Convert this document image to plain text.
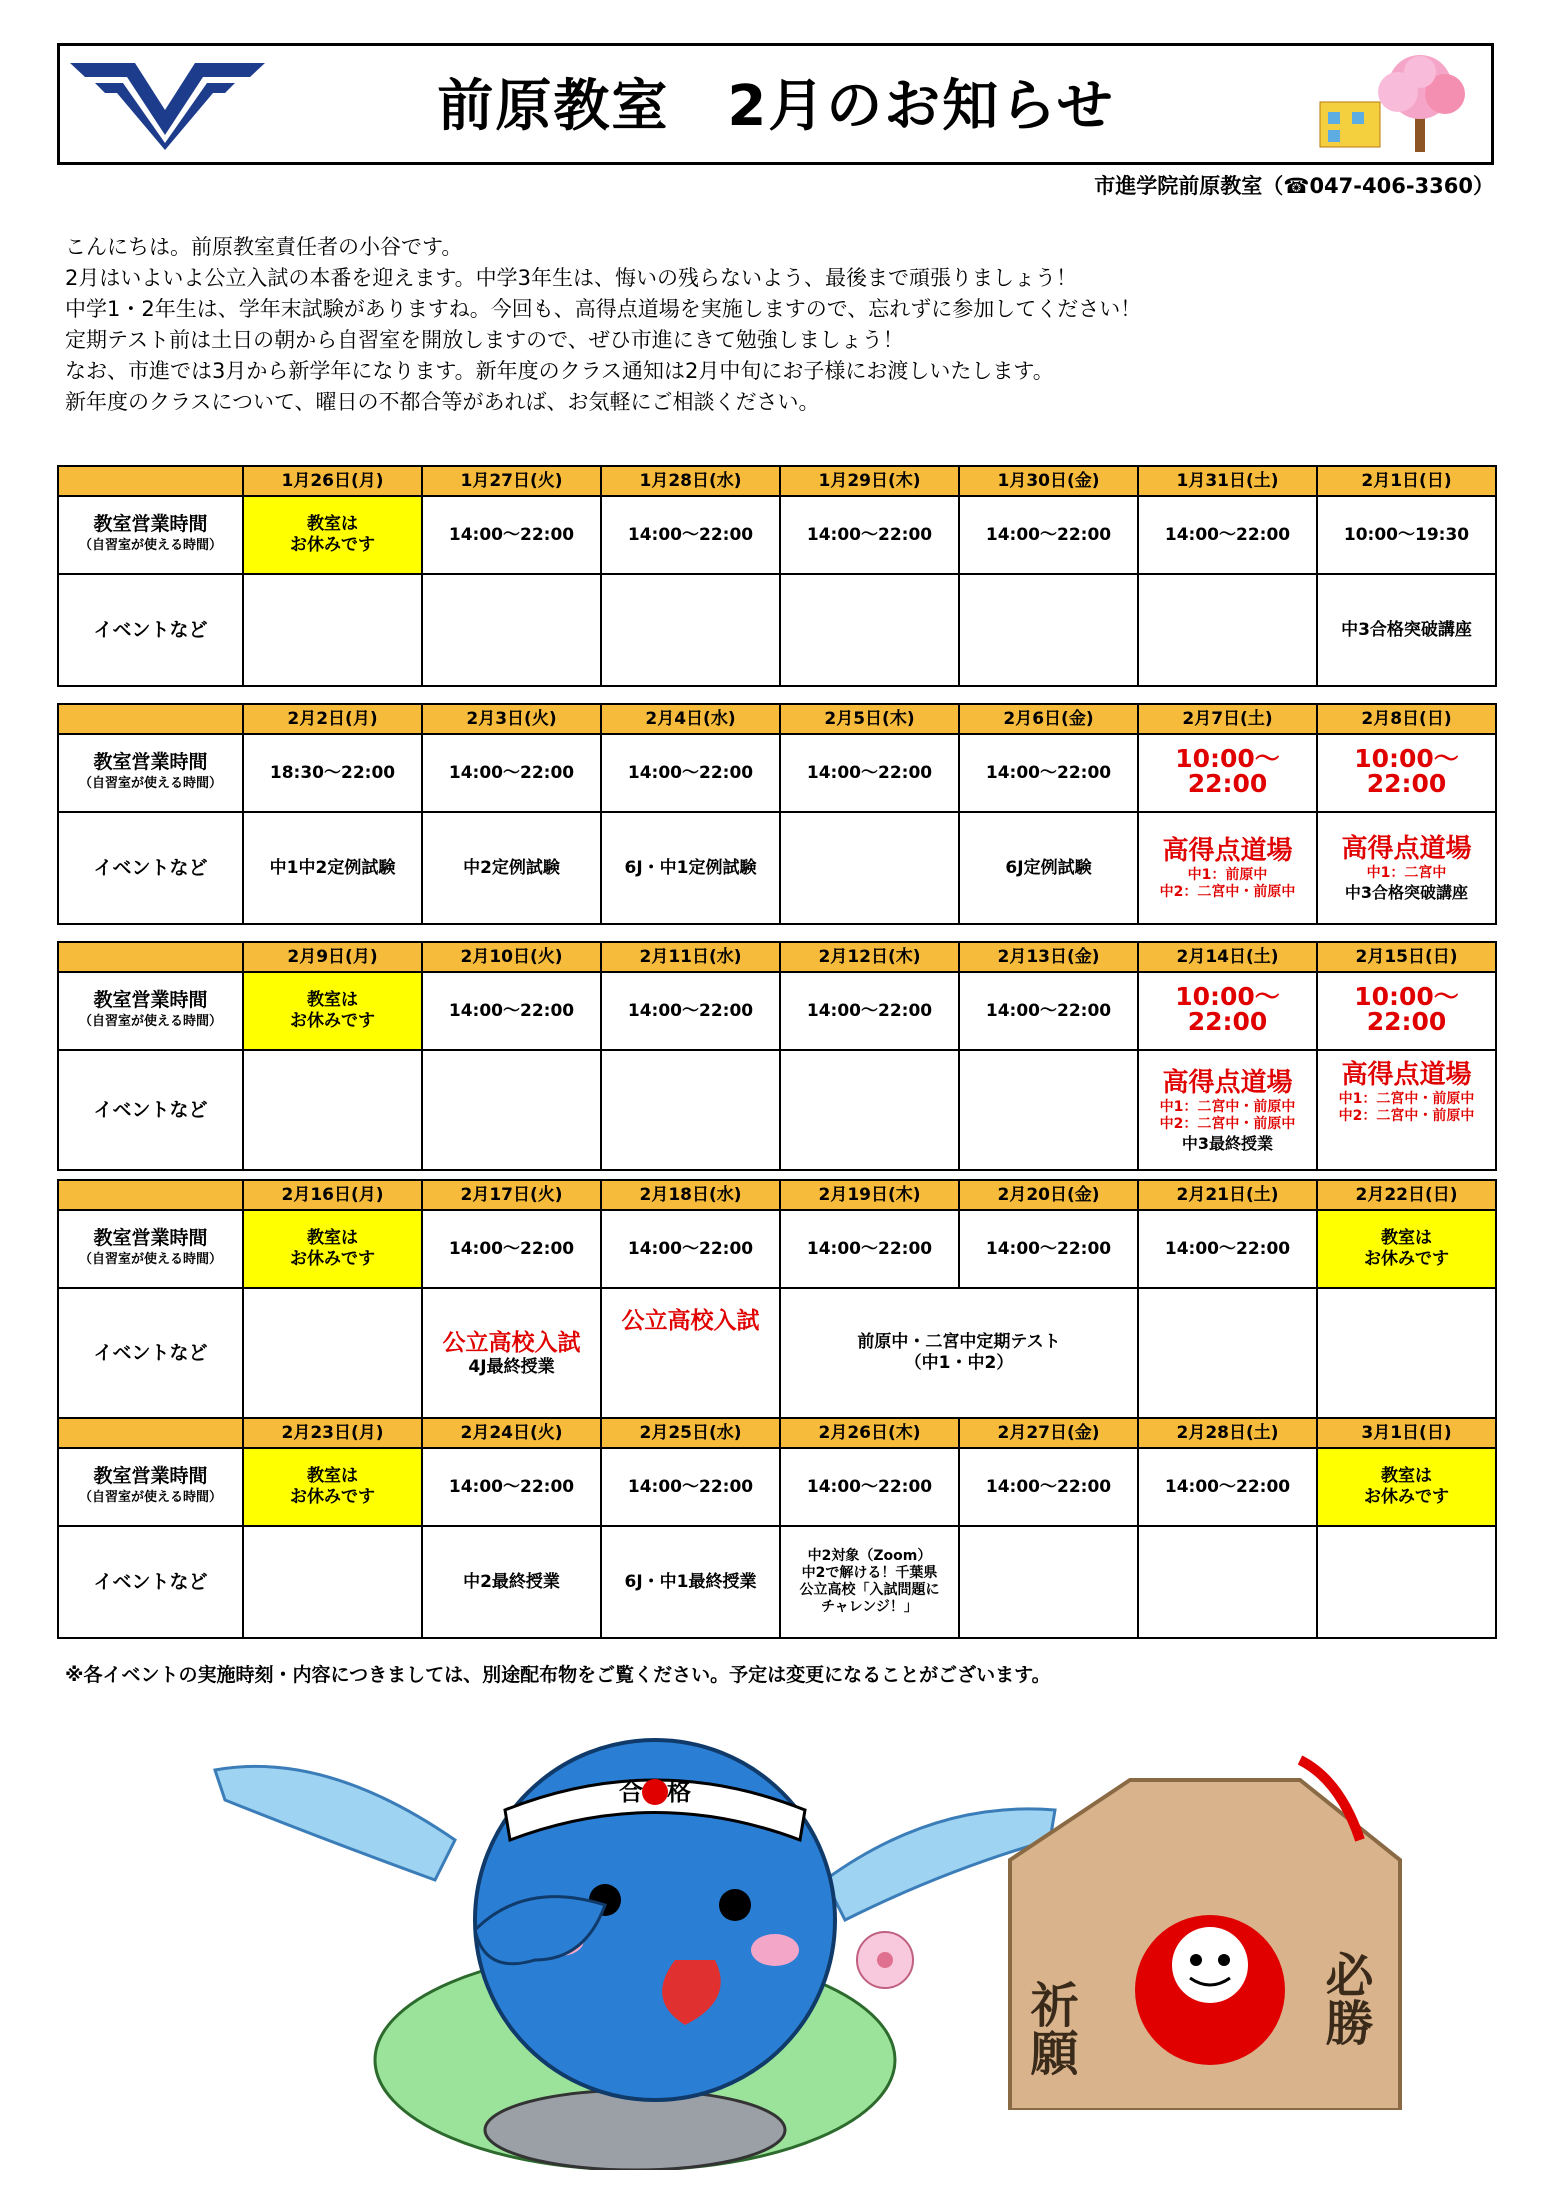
前原教室　2月のお知らせ
市進学院前原教室（☎047-406-3360）
こんにちは。前原教室責任者の小谷です。
2月はいよいよ公立入試の本番を迎えます。中学3年生は、悔いの残らないよう、最後まで頑張りましょう！
中学1・2年生は、学年末試験がありますね。今回も、高得点道場を実施しますので、忘れずに参加してください！
定期テスト前は土日の朝から自習室を開放しますので、ぜひ市進にきて勉強しましょう！
なお、市進では3月から新学年になります。新年度のクラス通知は2月中旬にお子様にお渡しいたします。
新年度のクラスについて、曜日の不都合等があれば、お気軽にご相談ください。
	1月26日(月)	1月27日(火)	1月28日(水)	1月29日(木)	1月30日(金)	1月31日(土)	2月1日(日)

教室営業時間
（自習室が使える時間）	教室は
お休みです	14:00～22:00	14:00～22:00	14:00～22:00	14:00～22:00	14:00～22:00	10:00～19:30

イベントなど							中3合格突破講座
	2月2日(月)	2月3日(火)	2月4日(水)	2月5日(木)	2月6日(金)	2月7日(土)	2月8日(日)

教室営業時間
（自習室が使える時間）	18:30～22:00	14:00～22:00	14:00～22:00	14:00～22:00	14:00～22:00	10:00～22:00	10:00～22:00

イベントなど	中1中2定例試験	中2定例試験	6J・中1定例試験		6J定例試験	高得点道場
中1：前原中
中2：二宮中・前原中	高得点道場
中1：二宮中
中3合格突破講座
	2月9日(月)	2月10日(火)	2月11日(水)	2月12日(木)	2月13日(金)	2月14日(土)	2月15日(日)

教室営業時間
（自習室が使える時間）	教室は
お休みです	14:00～22:00	14:00～22:00	14:00～22:00	14:00～22:00	10:00～22:00	10:00～22:00

イベントなど						高得点道場
中1：二宮中・前原中
中2：二宮中・前原中
中3最終授業	高得点道場
中1：二宮中・前原中
中2：二宮中・前原中
	2月16日(月)	2月17日(火)	2月18日(水)	2月19日(木)	2月20日(金)	2月21日(土)	2月22日(日)

教室営業時間
（自習室が使える時間）	教室は
お休みです	14:00～22:00	14:00～22:00	14:00～22:00	14:00～22:00	14:00～22:00	教室は
お休みです

イベントなど		公立高校入試
4J最終授業	公立高校入試	前原中・二宮中定期テスト
（中1・中2）			

	2月23日(月)	2月24日(火)	2月25日(水)	2月26日(木)	2月27日(金)	2月28日(土)	3月1日(日)

教室営業時間
（自習室が使える時間）	教室は
お休みです	14:00～22:00	14:00～22:00	14:00～22:00	14:00～22:00	14:00～22:00	教室は
お休みです

イベントなど		中2最終授業	6J・中1最終授業	中2対象（Zoom）
中2で解ける！千葉県
公立高校「入試問題に
チャレンジ！」			

※各イベントの実施時刻・内容につきましては、別途配布物をご覧ください。予定は変更になることがございます。
合　格
祈願	必勝
